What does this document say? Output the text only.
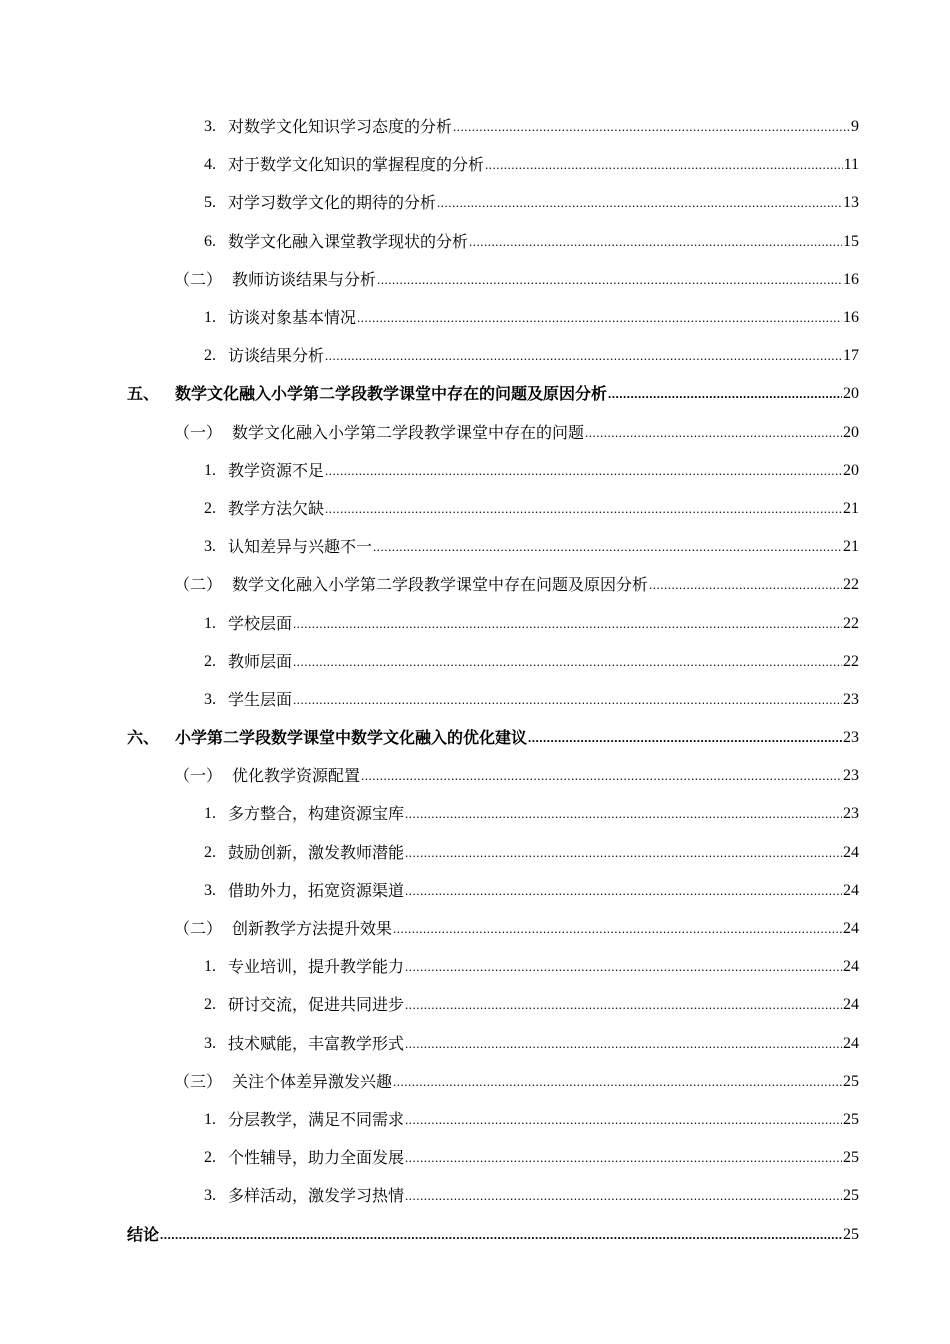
3. 对数学文化知识学习态度的分析 .....	9
4. 对于数学文化知识的掌握程度的分析 .....	11
5. 对学习数学文化的期待的分析 .....	13
6. 数学文化融入课堂教学现状的分析 .....	15
（二） 教师访谈结果与分析 .....	16
1. 访谈对象基本情况 .....	16
2. 访谈结果分析 .....	17
五、 数学文化融入小学第二学段教学课堂中存在的问题及原因分析 .....	20
（一） 数学文化融入小学第二学段教学课堂中存在的问题 .....	20
1. 教学资源不足 .....	20
2. 教学方法欠缺 .....	21
3. 认知差异与兴趣不一 .....	21
（二） 数学文化融入小学第二学段教学课堂中存在问题及原因分析 .....	22
1. 学校层面 .....	22
2. 教师层面 .....	22
3. 学生层面 .....	23
六、 小学第二学段数学课堂中数学文化融入的优化建议 .....	23
（一） 优化教学资源配置 .....	23
1. 多方整合，构建资源宝库 .....	23
2. 鼓励创新，激发教师潜能 .....	24
3. 借助外力，拓宽资源渠道 .....	24
（二） 创新教学方法提升效果 .....	24
1. 专业培训，提升教学能力 .....	24
2. 研讨交流，促进共同进步 .....	24
3. 技术赋能，丰富教学形式 .....	24
（三） 关注个体差异激发兴趣 .....	25
1. 分层教学，满足不同需求 .....	25
2. 个性辅导，助力全面发展 .....	25
3. 多样活动，激发学习热情 .....	25
结论 .....	25
